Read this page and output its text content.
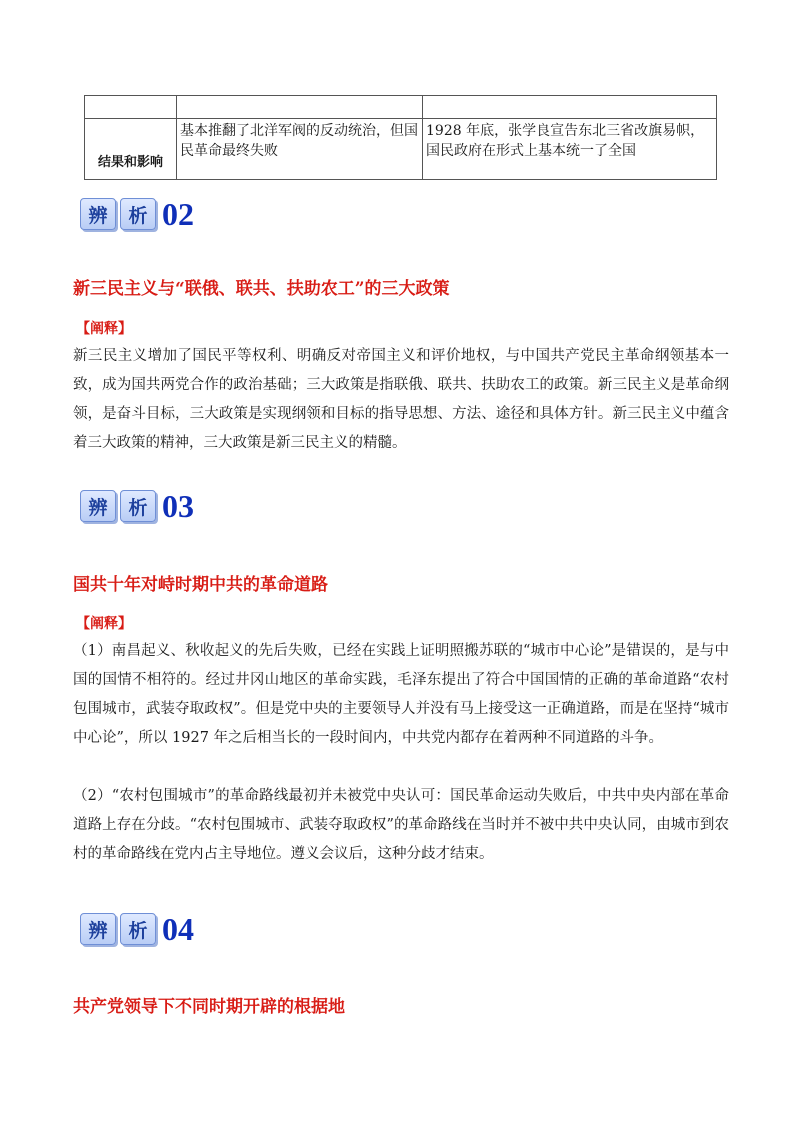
结果和影响	基本推翻了北洋军阀的反动统治，但国民革命最终失败	1928 年底，张学良宣告东北三省改旗易帜，国民政府在形式上基本统一了全国
辨	析 02
新三民主义与“联俄、联共、扶助农工”的三大政策
【阐释】

新三民主义增加了国民平等权利、明确反对帝国主义和评价地权，与中国共产党民主革命纲领基本一致，成为国共两党合作的政治基础；三大政策是指联俄、联共、扶助农工的政策。新三民主义是革命纲领，是奋斗目标，三大政策是实现纲领和目标的指导思想、方法、途径和具体方针。新三民主义中蕴含着三大政策的精神，三大政策是新三民主义的精髓。

辨	析 03
国共十年对峙时期中共的革命道路
【阐释】

（1）南昌起义、秋收起义的先后失败，已经在实践上证明照搬苏联的“城市中心论”是错误的，是与中国的国情不相符的。经过井冈山地区的革命实践，毛泽东提出了符合中国国情的正确的革命道路“农村包围城市，武装夺取政权”。但是党中央的主要领导人并没有马上接受这一正确道路，而是在坚持“城市中心论”，所以 1927 年之后相当长的一段时间内，中共党内都存在着两种不同道路的斗争。

（2）“农村包围城市”的革命路线最初并未被党中央认可：国民革命运动失败后，中共中央内部在革命道路上存在分歧。“农村包围城市、武装夺取政权”的革命路线在当时并不被中共中央认同，由城市到农村的革命路线在党内占主导地位。遵义会议后，这种分歧才结束。

辨	析 04
共产党领导下不同时期开辟的根据地
